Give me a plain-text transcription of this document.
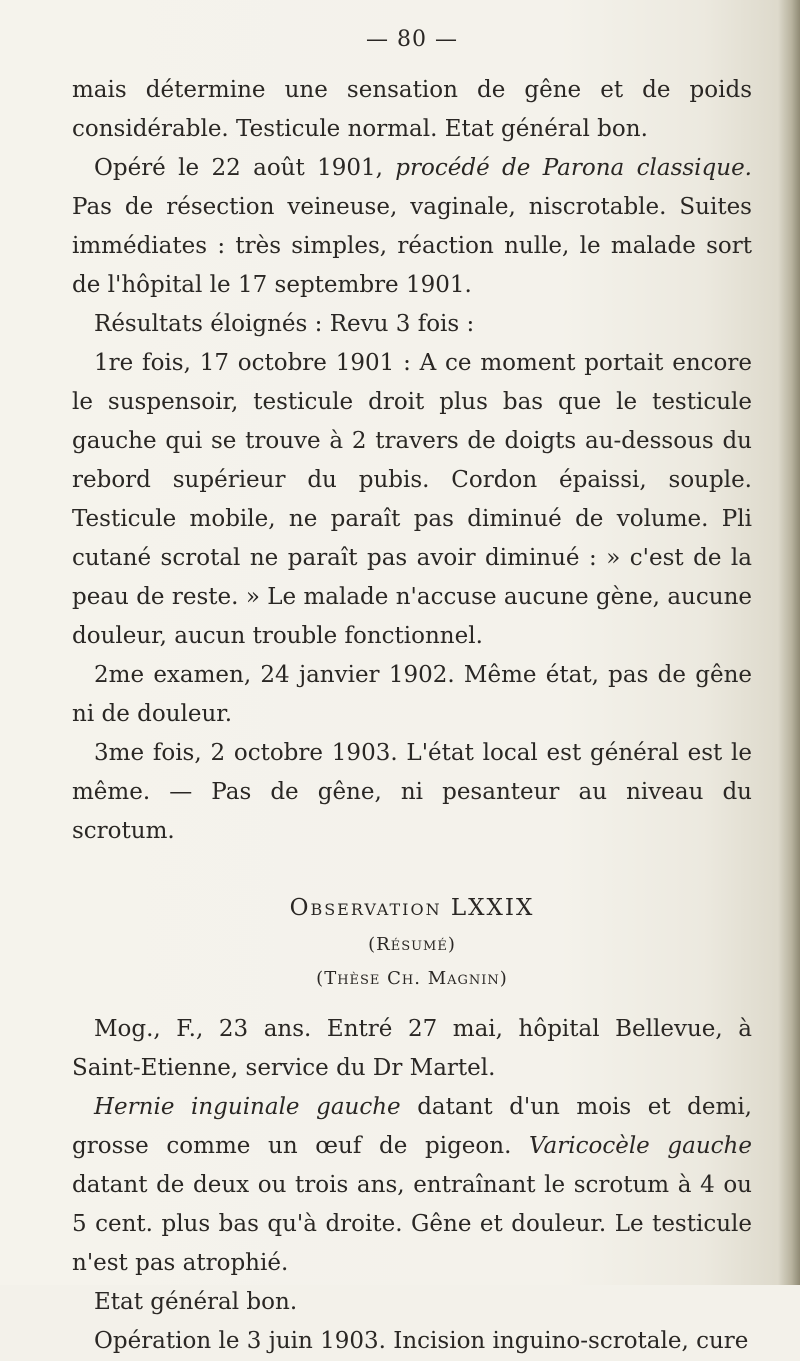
— 80 —

mais détermine une sensation de gêne et de poids considérable. Testicule normal. Etat général bon.

Opéré le 22 août 1901, procédé de Parona classique. Pas de résection veineuse, vaginale, niscrotable. Suites immédiates : très simples, réaction nulle, le malade sort de l'hôpital le 17 septembre 1901.

Résultats éloignés : Revu 3 fois :

1re fois, 17 octobre 1901 : A ce moment portait encore le suspensoir, testicule droit plus bas que le testicule gauche qui se trouve à 2 travers de doigts au-dessous du rebord supérieur du pubis. Cordon épaissi, souple. Testicule mobile, ne paraît pas diminué de volume. Pli cutané scrotal ne paraît pas avoir diminué : » c'est de la peau de reste. » Le malade n'accuse aucune gène, aucune douleur, aucun trouble fonctionnel.

2me examen, 24 janvier 1902. Même état, pas de gêne ni de douleur.

3me fois, 2 octobre 1903. L'état local est général est le même. — Pas de gêne, ni pesanteur au niveau du scrotum.

Observation LXXIX
(Résumé)
(Thèse Ch. Magnin)

Mog., F., 23 ans. Entré 27 mai, hôpital Bellevue, à Saint-Etienne, service du Dr Martel.

Hernie inguinale gauche datant d'un mois et demi, grosse comme un œuf de pigeon. Varicocèle gauche datant de deux ou trois ans, entraînant le scrotum à 4 ou 5 cent. plus bas qu'à droite. Gêne et douleur. Le testicule n'est pas atrophié.

Etat général bon.

Opération le 3 juin 1903. Incision inguino-scrotale, cure
